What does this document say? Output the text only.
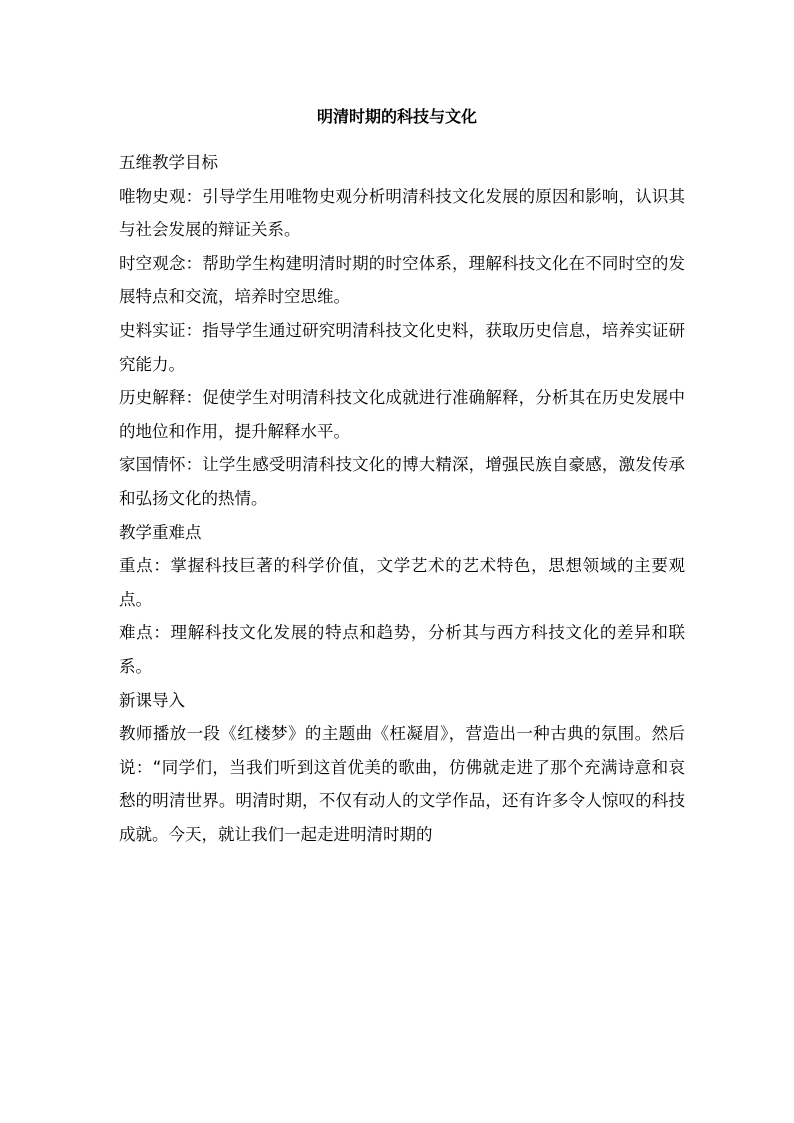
明清时期的科技与文化

五维教学目标

唯物史观：引导学生用唯物史观分析明清科技文化发展的原因和影响，认识其与社会发展的辩证关系。

时空观念：帮助学生构建明清时期的时空体系，理解科技文化在不同时空的发展特点和交流，培养时空思维。

史料实证：指导学生通过研究明清科技文化史料，获取历史信息，培养实证研究能力。

历史解释：促使学生对明清科技文化成就进行准确解释，分析其在历史发展中的地位和作用，提升解释水平。

家国情怀：让学生感受明清科技文化的博大精深，增强民族自豪感，激发传承和弘扬文化的热情。

教学重难点

重点：掌握科技巨著的科学价值，文学艺术的艺术特色，思想领域的主要观点。

难点：理解科技文化发展的特点和趋势，分析其与西方科技文化的差异和联系。

新课导入

教师播放一段《红楼梦》的主题曲《枉凝眉》，营造出一种古典的氛围。然后说：“同学们，当我们听到这首优美的歌曲，仿佛就走进了那个充满诗意和哀愁的明清世界。明清时期，不仅有动人的文学作品，还有许多令人惊叹的科技成就。今天，就让我们一起走进明清时期的
